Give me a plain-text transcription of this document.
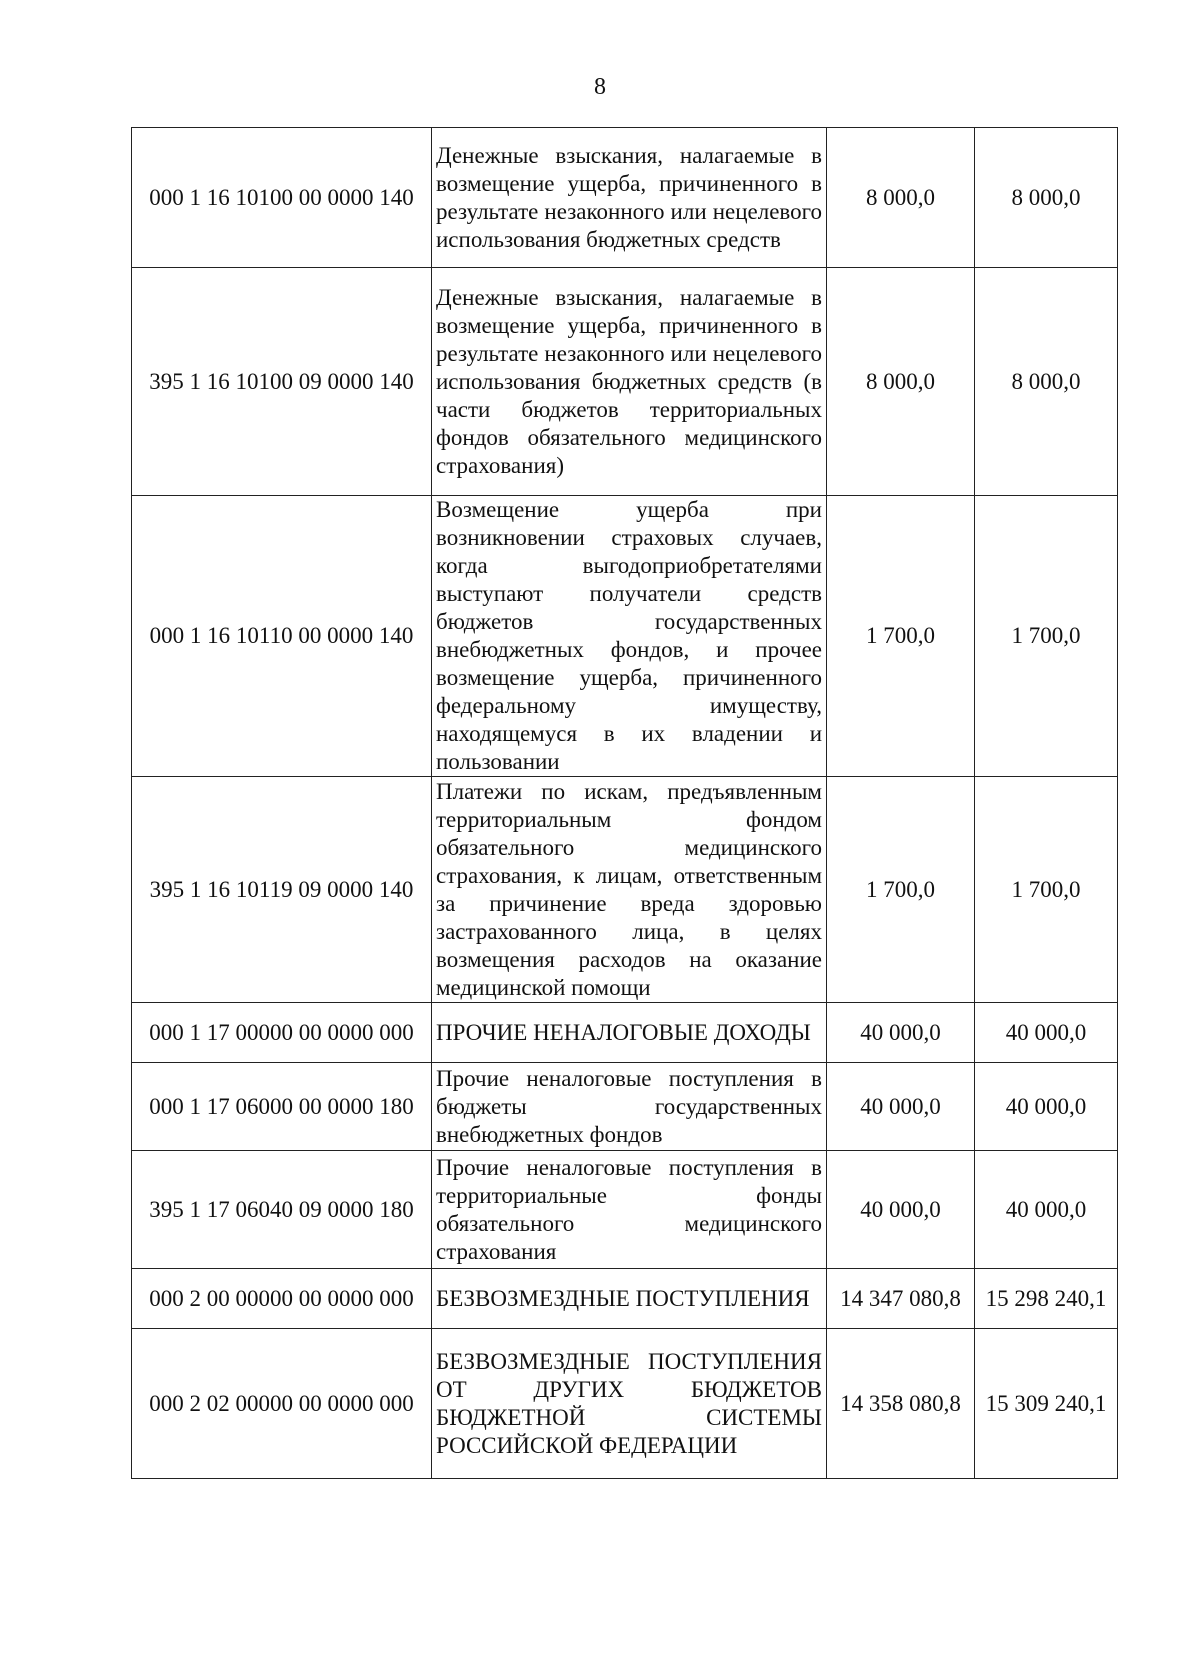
8
000 1 16 10100 00 0000 140	Денежные взыскания, налагаемые в возмещение ущерба, причиненного в результате незаконного или нецелевого использования бюджетных средств	8 000,0	8 000,0
395 1 16 10100 09 0000 140	Денежные взыскания, налагаемые в возмещение ущерба, причиненного в результате незаконного или нецелевого использования бюджетных средств (в части бюджетов территориальных фондов обязательного медицинского страхования)	8 000,0	8 000,0
000 1 16 10110 00 0000 140	Возмещение ущерба при возникновении страховых случаев, когда выгодоприобретателями выступают получатели средств бюджетов государственных внебюджетных фондов, и прочее возмещение ущерба, причиненного федеральному имуществу, находящемуся в их владении и пользовании	1 700,0	1 700,0
395 1 16 10119 09 0000 140	Платежи по искам, предъявленным территориальным фондом обязательного медицинского страхования, к лицам, ответственным за причинение вреда здоровью застрахованного лица, в целях возмещения расходов на оказание медицинской помощи	1 700,0	1 700,0
000 1 17 00000 00 0000 000	ПРОЧИЕ НЕНАЛОГОВЫЕ ДОХОДЫ	40 000,0	40 000,0
000 1 17 06000 00 0000 180	Прочие неналоговые поступления в бюджеты государственных внебюджетных фондов	40 000,0	40 000,0
395 1 17 06040 09 0000 180	Прочие неналоговые поступления в территориальные фонды обязательного медицинского страхования	40 000,0	40 000,0
000 2 00 00000 00 0000 000	БЕЗВОЗМЕЗДНЫЕ ПОСТУПЛЕНИЯ	14 347 080,8	15 298 240,1
000 2 02 00000 00 0000 000	БЕЗВОЗМЕЗДНЫЕ ПОСТУПЛЕНИЯ ОТ ДРУГИХ БЮДЖЕТОВ БЮДЖЕТНОЙ СИСТЕМЫ РОССИЙСКОЙ ФЕДЕРАЦИИ	14 358 080,8	15 309 240,1
